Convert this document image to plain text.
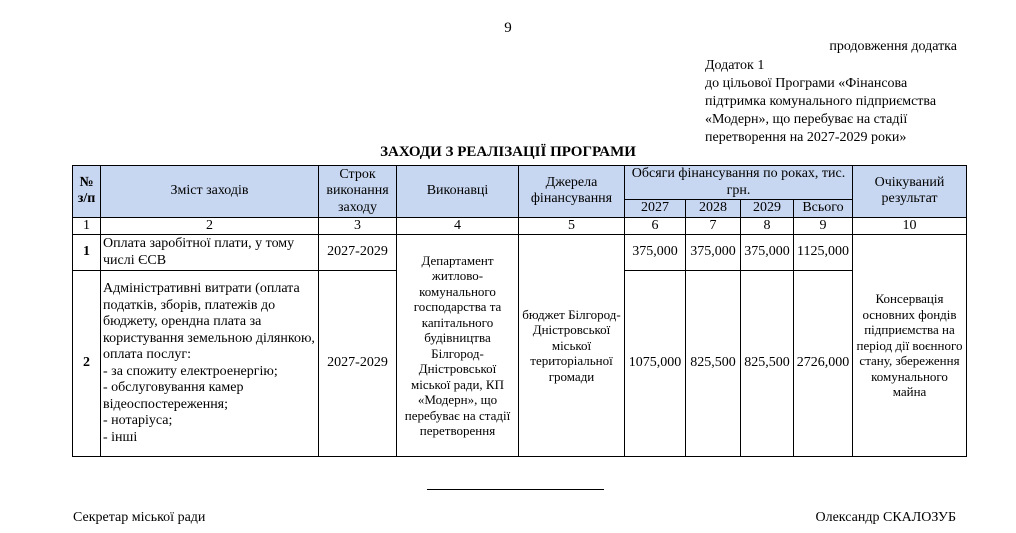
9
продовження додатка
Додаток 1
до цільової Програми «Фінансова
підтримка комунального підприємства
«Модерн», що перебуває на стадії
перетворення на 2027-2029 роки»
ЗАХОДИ З РЕАЛІЗАЦІЇ ПРОГРАМИ
№ з/п	Зміст заходів	Строк виконання заходу	Виконавці	Джерела фінансування	Обсяги фінансування по роках, тис. грн.				Очікуваний результат
					2027	2028	2029	Всього	
1	2	3	4	5	6	7	8	9	10
1	Оплата заробітної плати, у тому числі ЄСВ	2027-2029	Департамент житлово-комунального господарства та капітального будівництва Білгород-Дністровської міської ради, КП «Модерн», що перебуває на стадії перетворення	бюджет Білгород-Дністровської міської територіальної громади	375,000	375,000	375,000	1125,000	Консервація основних фондів підприємства на період дії воєнного стану, збереження комунального майна
2	Адміністративні витрати (оплата податків, зборів, платежів до бюджету, орендна плата за користування земельною ділянкою, оплата послуг:
- за спожиту електроенергію;
- обслуговування камер відеоспостереження;
- нотаріуса;
- інші	2027-2029			1075,000	825,500	825,500	2726,000	
Секретар міської ради	Олександр СКАЛОЗУБ
